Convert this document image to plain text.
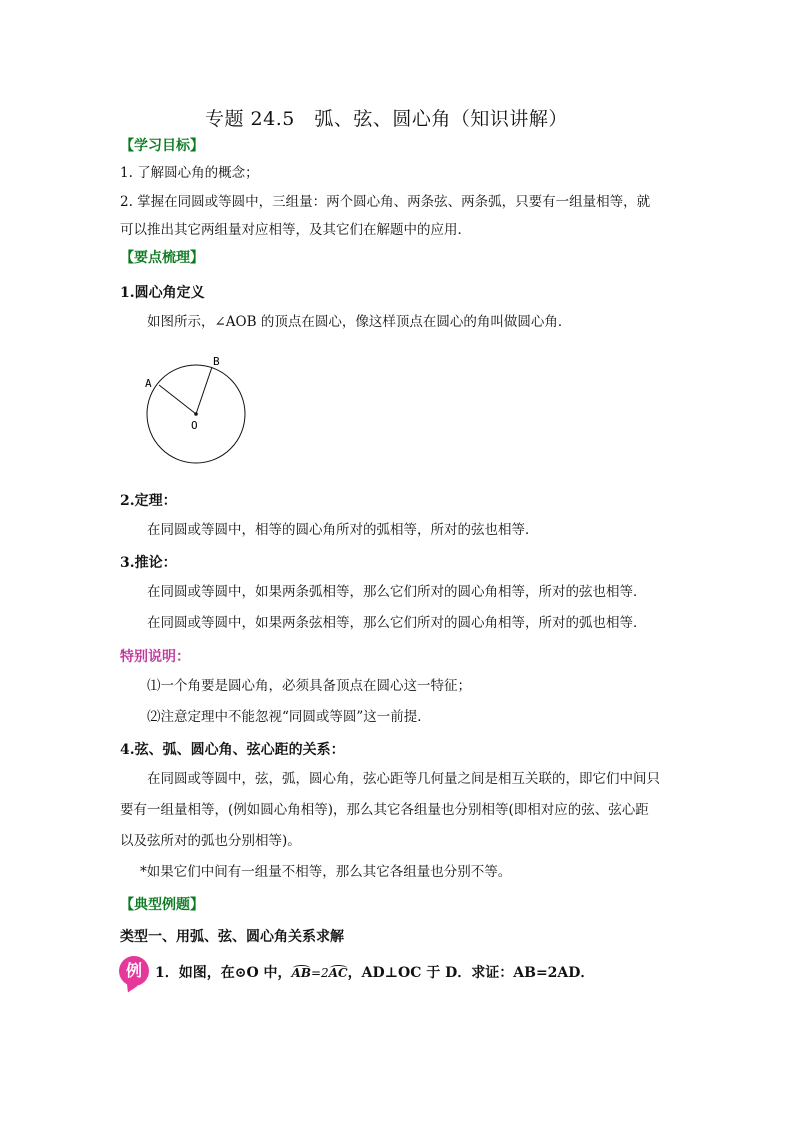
专题 24.5　弧、弦、圆心角（知识讲解）
【学习目标】
1. 了解圆心角的概念；
2. 掌握在同圆或等圆中，三组量：两个圆心角、两条弦、两条弧，只要有一组量相等，就
可以推出其它两组量对应相等，及其它们在解题中的应用．
【要点梳理】
1.圆心角定义
如图所示，∠AOB 的顶点在圆心，像这样顶点在圆心的角叫做圆心角．
A
B
O
2.定理：
在同圆或等圆中，相等的圆心角所对的弧相等，所对的弦也相等．
3.推论：
在同圆或等圆中，如果两条弧相等，那么它们所对的圆心角相等，所对的弦也相等．
在同圆或等圆中，如果两条弦相等，那么它们所对的圆心角相等，所对的弧也相等．
特别说明：
⑴一个角要是圆心角，必须具备顶点在圆心这一特征；
⑵注意定理中不能忽视“同圆或等圆”这一前提．
4.弦、弧、圆心角、弦心距的关系：
在同圆或等圆中，弦，弧，圆心角，弦心距等几何量之间是相互关联的，即它们中间只
要有一组量相等，(例如圆心角相等)，那么其它各组量也分别相等(即相对应的弦、弦心距
以及弦所对的弧也分别相等)。
*如果它们中间有一组量不相等，那么其它各组量也分别不等。
【典型例题】
类型一、用弧、弦、圆心角关系求解
例 1．如图，在⊙O 中，AB=2AC，AD⊥OC 于 D．求证：AB=2AD．
